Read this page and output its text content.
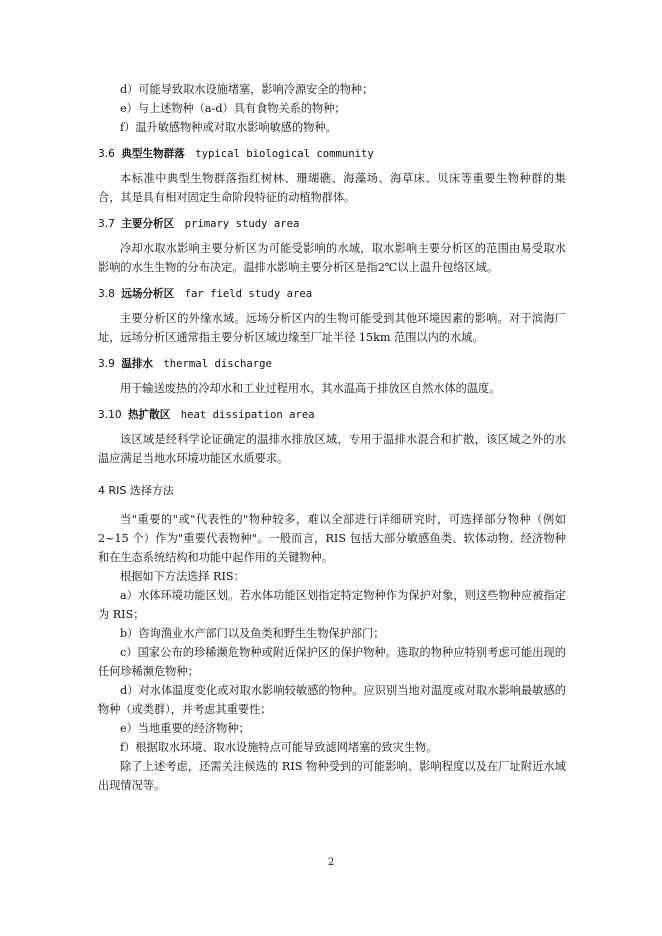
d）可能导致取水设施堵塞，影响冷源安全的物种；
e）与上述物种（a-d）具有食物关系的物种；
f）温升敏感物种或对取水影响敏感的物种。
3.6 典型生物群落 typical biological community
本标准中典型生物群落指红树林、珊瑚礁、海藻场、海草床、贝床等重要生物种群的集合，其是具有相对固定生命阶段特征的动植物群体。
3.7 主要分析区 primary study area
冷却水取水影响主要分析区为可能受影响的水域，取水影响主要分析区的范围由易受取水影响的水生生物的分布决定。温排水影响主要分析区是指2℃以上温升包络区域。
3.8 远场分析区 far field study area
主要分析区的外缘水域。远场分析区内的生物可能受到其他环境因素的影响。对于滨海厂址，远场分析区通常指主要分析区域边缘至厂址半径 15km 范围以内的水域。
3.9 温排水 thermal discharge
用于输送废热的冷却水和工业过程用水，其水温高于排放区自然水体的温度。
3.10 热扩散区 heat dissipation area
该区域是经科学论证确定的温排水排放区域，专用于温排水混合和扩散，该区域之外的水温应满足当地水环境功能区水质要求。
4 RIS 选择方法
当"重要的"或"代表性的"物种较多，难以全部进行详细研究时，可选择部分物种（例如2~15 个）作为"重要代表物种"。一般而言，RIS 包括大部分敏感鱼类、软体动物、经济物种和在生态系统结构和功能中起作用的关键物种。
根据如下方法选择 RIS：
a）水体环境功能区划。若水体功能区划指定特定物种作为保护对象，则这些物种应被指定为 RIS；
b）咨询渔业水产部门以及鱼类和野生生物保护部门；
c）国家公布的珍稀濒危物种或附近保护区的保护物种。选取的物种应特别考虑可能出现的任何珍稀濒危物种；
d）对水体温度变化或对取水影响较敏感的物种。应识别当地对温度或对取水影响最敏感的物种（或类群），并考虑其重要性；
e）当地重要的经济物种；
f）根据取水环境、取水设施特点可能导致滤网堵塞的致灾生物。
除了上述考虑，还需关注候选的 RIS 物种受到的可能影响、影响程度以及在厂址附近水域出现情况等。
2
